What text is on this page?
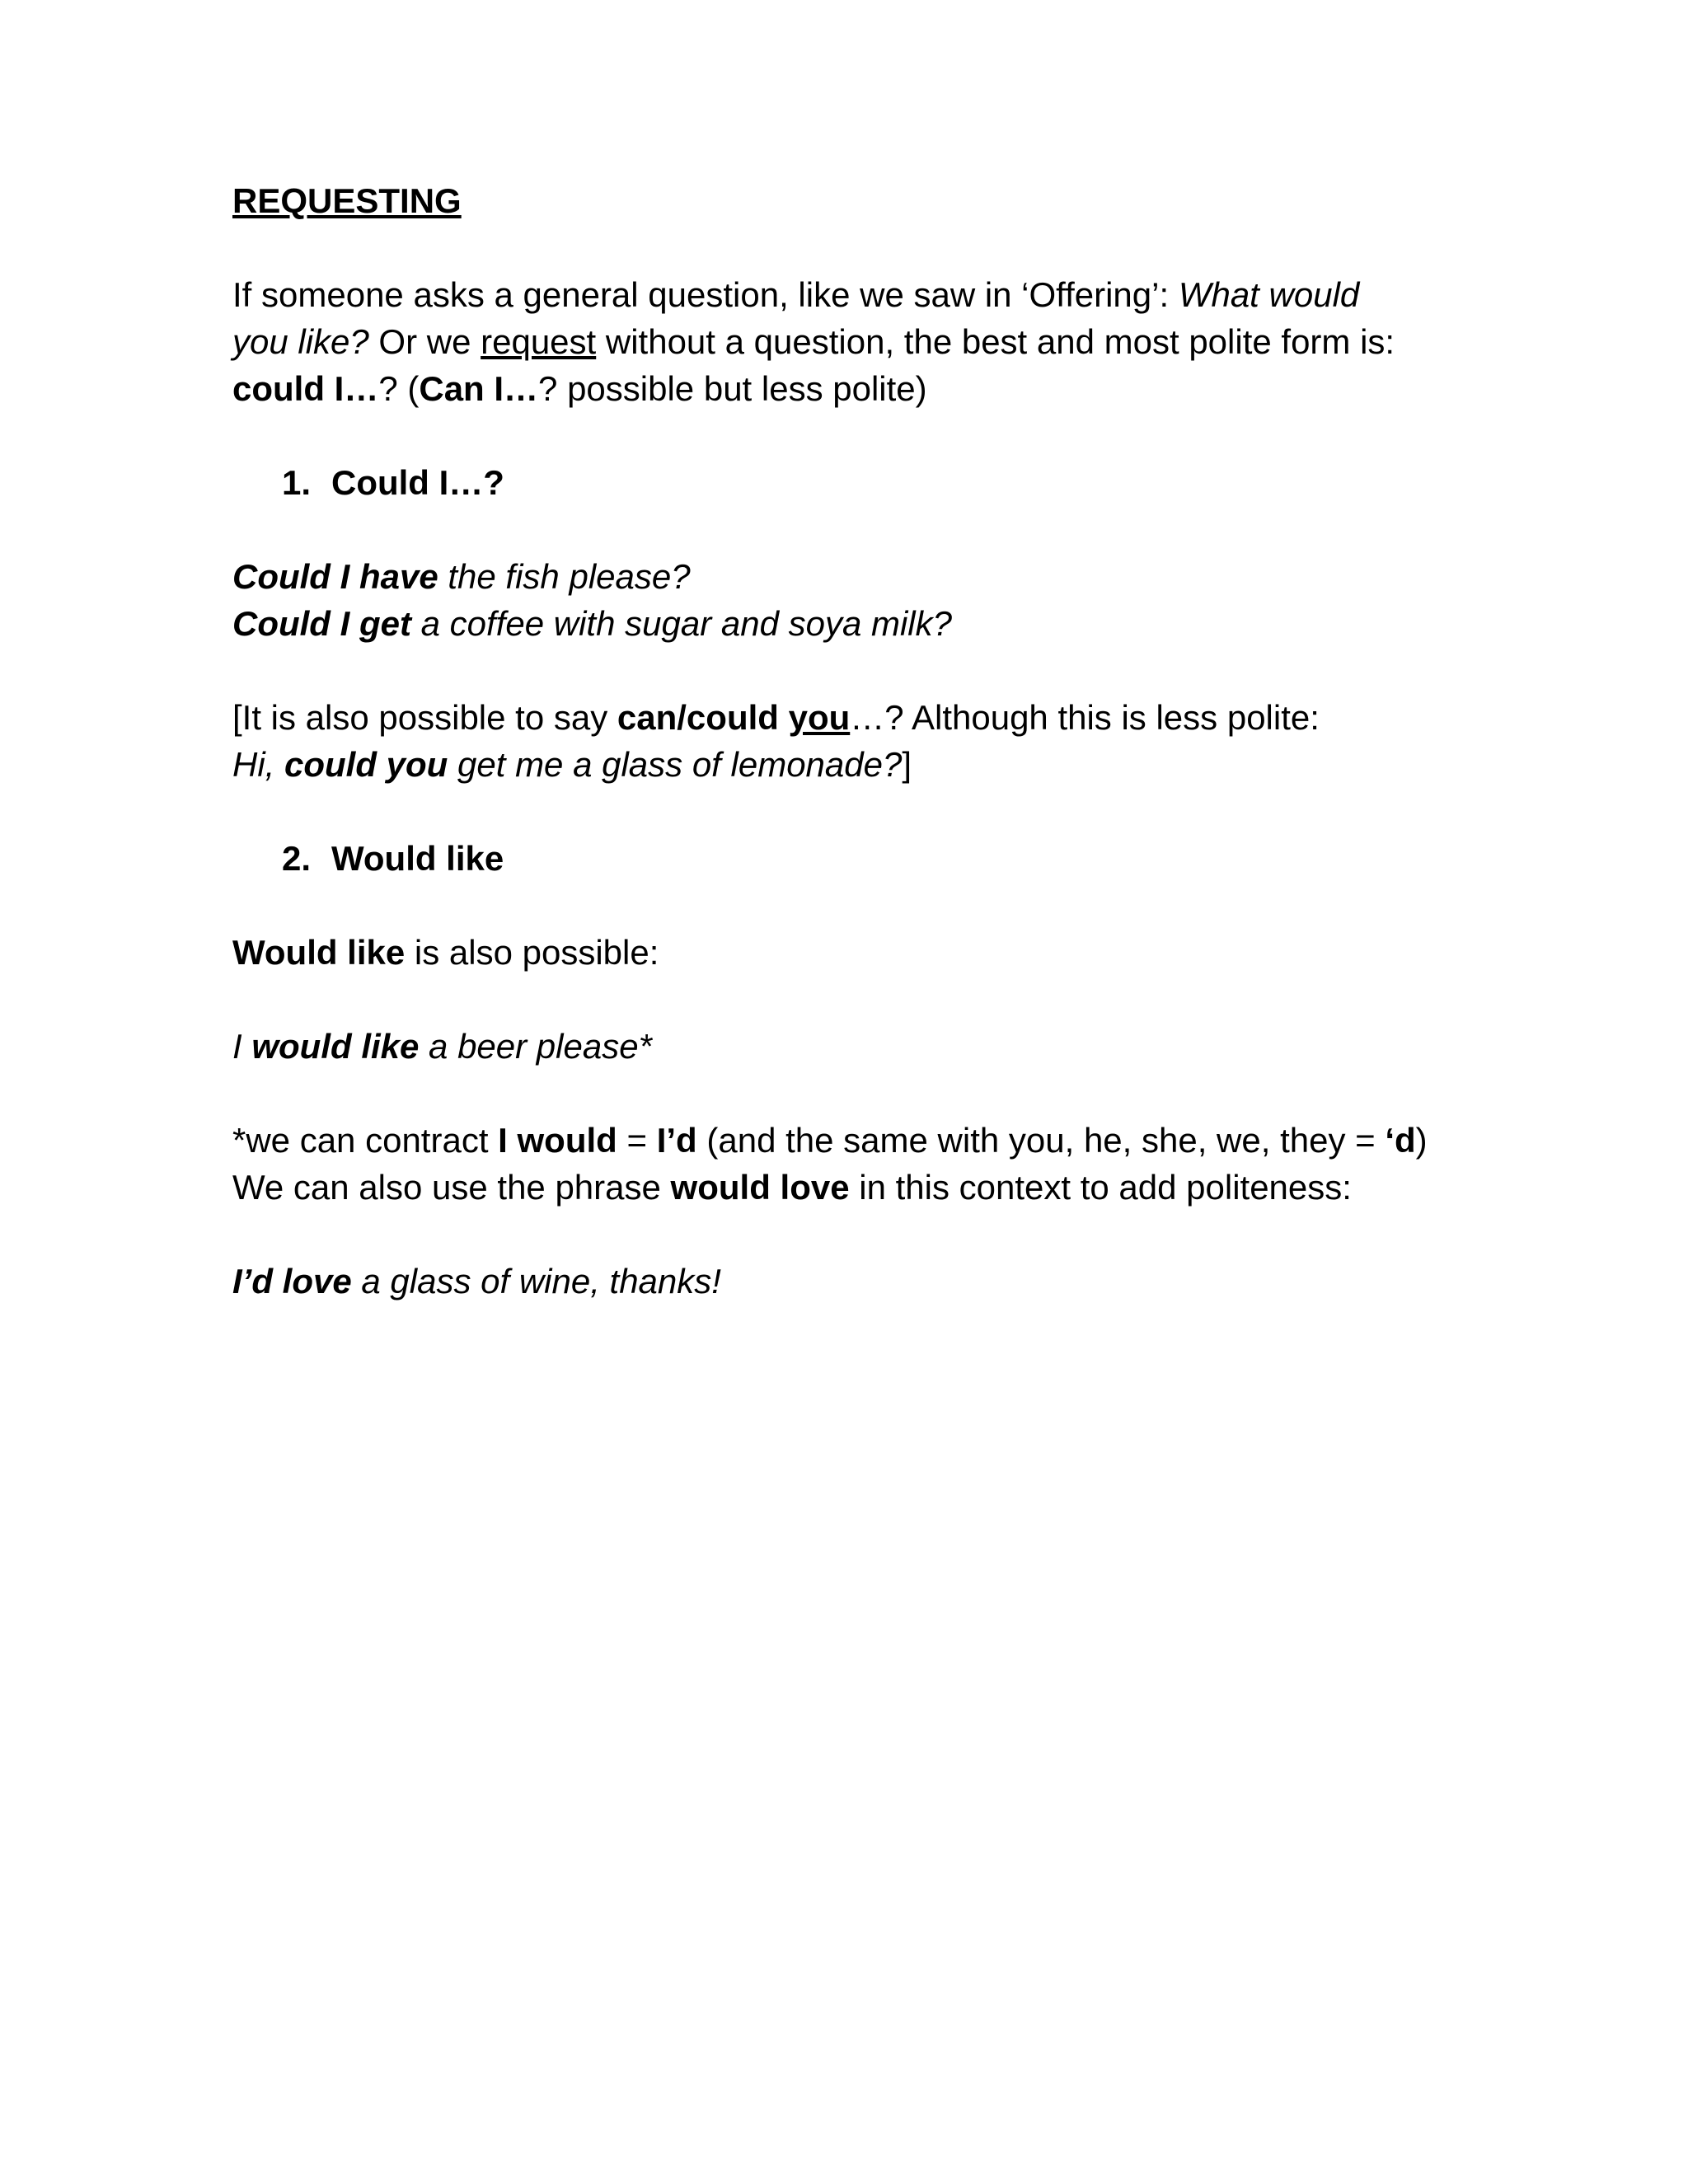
REQUESTING
If someone asks a general question, like we saw in ‘Offering’: What would
you like? Or we request without a question, the best and most polite form is:
could I…? (Can I…? possible but less polite)
1. Could I…?
Could I have the fish please?
Could I get a coffee with sugar and soya milk?
[It is also possible to say can/could you…? Although this is less polite:
Hi, could you get me a glass of lemonade?]
2. Would like
Would like is also possible:
I would like a beer please*
*we can contract I would = I’d (and the same with you, he, she, we, they = ‘d)
We can also use the phrase would love in this context to add politeness:
I’d love a glass of wine, thanks!
